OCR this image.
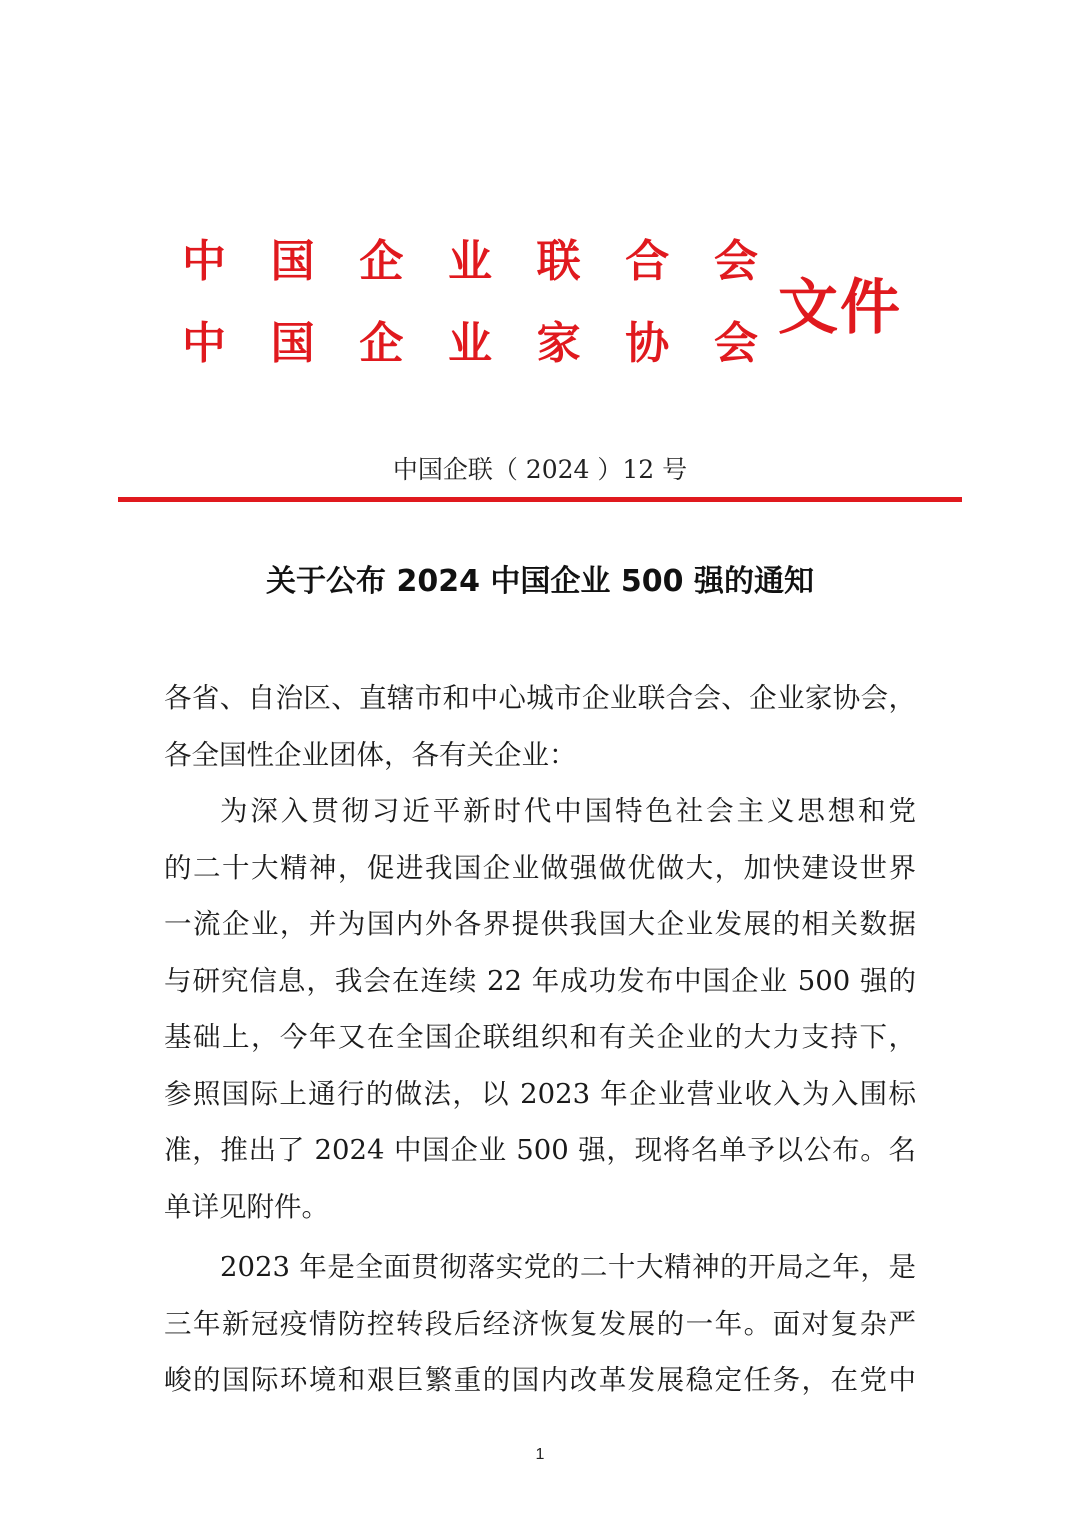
中 国 企 业 联 合 会
中 国 企 业 家 协 会
文件
中国企联（ 2024 ）12 号
关于公布 2024 中国企业 500 强的通知
各省、自治区、直辖市和中心城市企业联合会、企业家协会，
各全国性企业团体，各有关企业：
为深入贯彻习近平新时代中国特色社会主义思想和党
的二十大精神，促进我国企业做强做优做大，加快建设世界
一流企业，并为国内外各界提供我国大企业发展的相关数据
与研究信息，我会在连续 22 年成功发布中国企业 500 强的
基础上，今年又在全国企联组织和有关企业的大力支持下，
参照国际上通行的做法，以 2023 年企业营业收入为入围标
准，推出了 2024 中国企业 500 强，现将名单予以公布。名
单详见附件。
2023 年是全面贯彻落实党的二十大精神的开局之年，是
三年新冠疫情防控转段后经济恢复发展的一年。面对复杂严
峻的国际环境和艰巨繁重的国内改革发展稳定任务，在党中
1
